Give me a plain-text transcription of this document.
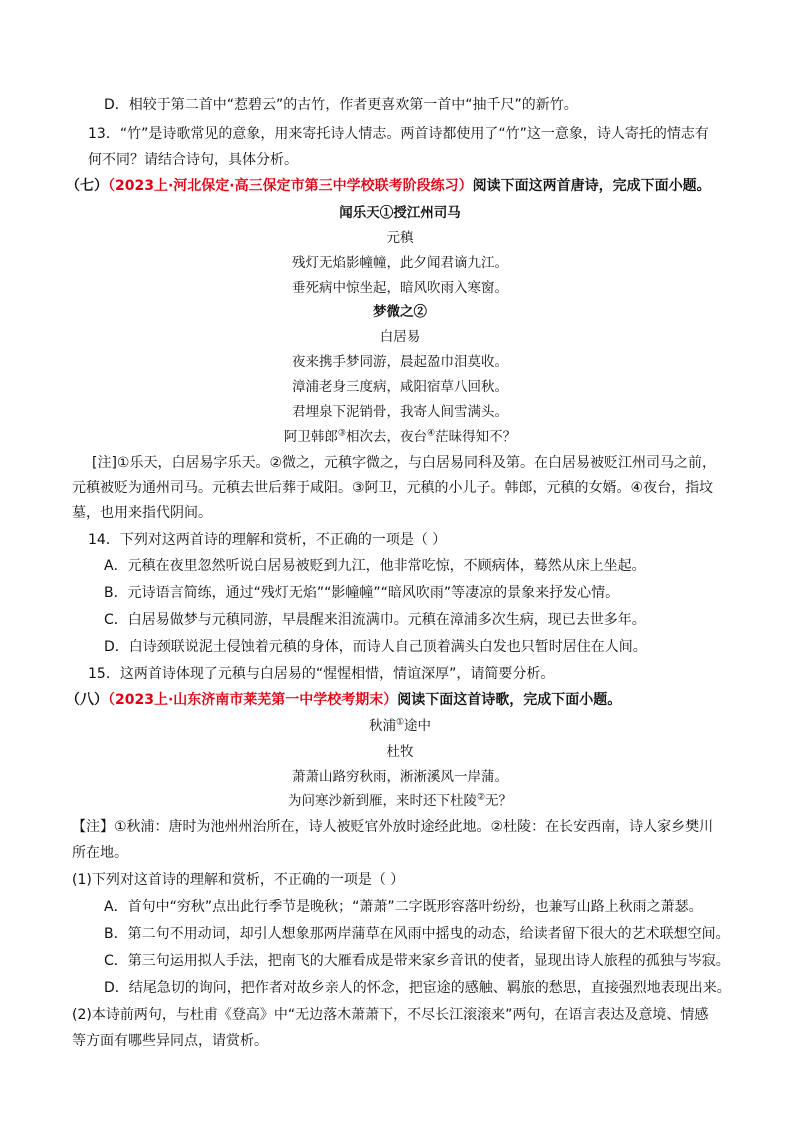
D．相较于第二首中“惹碧云”的古竹，作者更喜欢第一首中“抽千尺”的新竹。
13．“竹”是诗歌常见的意象，用来寄托诗人情志。两首诗都使用了“竹”这一意象，诗人寄托的情志有
何不同？请结合诗句，具体分析。
（七）（2023上·河北保定·高三保定市第三中学校联考阶段练习）阅读下面这两首唐诗，完成下面小题。
闻乐天①授江州司马
元稹
残灯无焰影幢幢，此夕闻君谪九江。
垂死病中惊坐起，暗风吹雨入寒窗。
梦微之②
白居易
夜来携手梦同游，晨起盈巾泪莫收。
漳浦老身三度病，咸阳宿草八回秋。
君埋泉下泥销骨，我寄人间雪满头。
阿卫韩郎③相次去，夜台④茫昧得知不？
[注]①乐天，白居易字乐天。②微之，元稹字微之，与白居易同科及第。在白居易被贬江州司马之前，
元稹被贬为通州司马。元稹去世后葬于咸阳。③阿卫，元稹的小儿子。韩郎，元稹的女婿。④夜台，指坟
墓，也用来指代阴间。
14．下列对这两首诗的理解和赏析，不正确的一项是（ ）
A．元稹在夜里忽然听说白居易被贬到九江，他非常吃惊，不顾病体，蓦然从床上坐起。
B．元诗语言简练，通过“残灯无焰”“影幢幢”“暗风吹雨”等凄凉的景象来抒发心情。
C．白居易做梦与元稹同游，早晨醒来泪流满巾。元稹在漳浦多次生病，现已去世多年。
D．白诗颈联说泥土侵蚀着元稹的身体，而诗人自己顶着满头白发也只暂时居住在人间。
15．这两首诗体现了元稹与白居易的“惺惺相惜，情谊深厚”，请简要分析。
（八）（2023上·山东济南市莱芜第一中学校考期末）阅读下面这首诗歌，完成下面小题。
秋浦①途中
杜牧
萧萧山路穷秋雨，淅淅溪风一岸蒲。
为问寒沙新到雁，来时还下杜陵②无？
【注】①秋浦：唐时为池州州治所在，诗人被贬官外放时途经此地。②杜陵：在长安西南，诗人家乡樊川
所在地。
(1)下列对这首诗的理解和赏析，不正确的一项是（ ）
A．首句中“穷秋”点出此行季节是晚秋；“萧萧”二字既形容落叶纷纷，也兼写山路上秋雨之萧瑟。
B．第二句不用动词，却引人想象那两岸蒲草在风雨中摇曳的动态，给读者留下很大的艺术联想空间。
C．第三句运用拟人手法，把南飞的大雁看成是带来家乡音讯的使者，显现出诗人旅程的孤独与岑寂。
D．结尾急切的询问，把作者对故乡亲人的怀念，把宦途的感触、羁旅的愁思，直接强烈地表现出来。
(2)本诗前两句，与杜甫《登高》中“无边落木萧萧下，不尽长江滚滚来”两句，在语言表达及意境、情感
等方面有哪些异同点，请赏析。
